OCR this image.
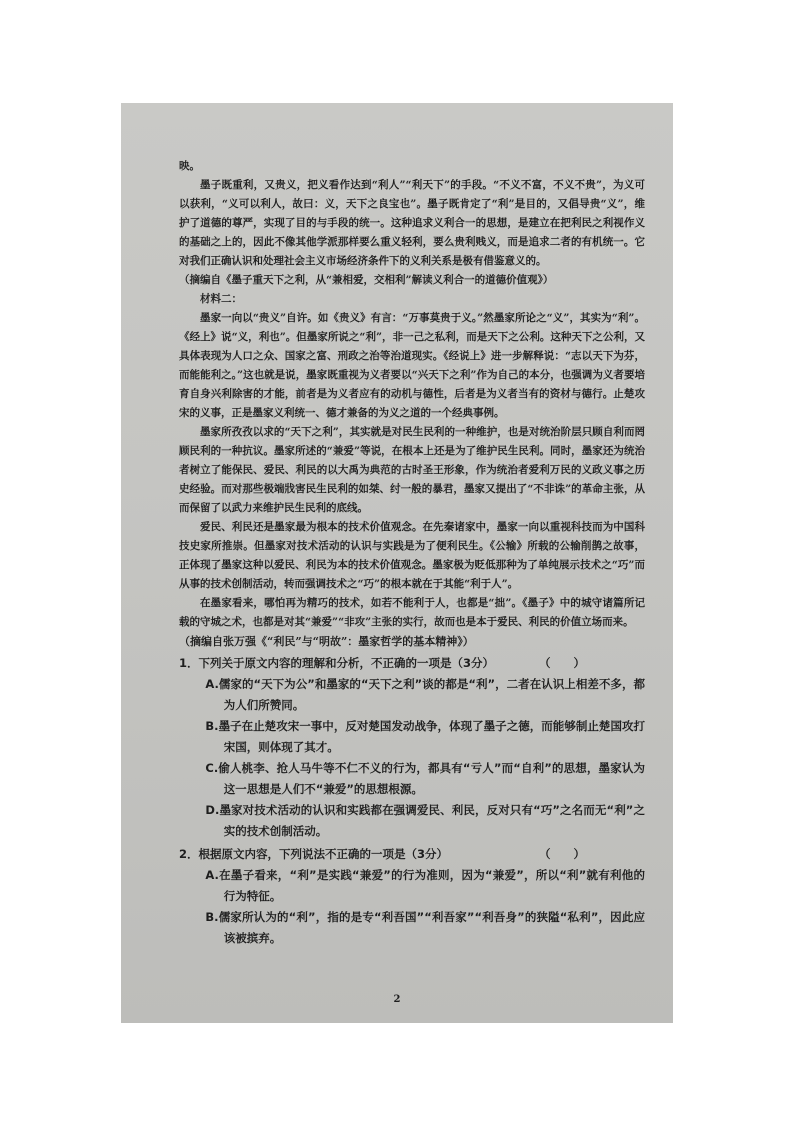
映。

墨子既重利，又贵义，把义看作达到“利人”“利天下”的手段。“不义不富，不义不贵”，为义可以获利，“义可以利人，故曰：义，天下之良宝也”。墨子既肯定了“利”是目的，又倡导贵“义”，维护了道德的尊严，实现了目的与手段的统一。这种追求义利合一的思想，是建立在把利民之利视作义的基础之上的，因此不像其他学派那样要么重义轻利，要么贵利贱义，而是追求二者的有机统一。它对我们正确认识和处理社会主义市场经济条件下的义利关系是极有借鉴意义的。

（摘编自《墨子重天下之利，从“兼相爱，交相利”解读义利合一的道德价值观》）

材料二：

墨家一向以“贵义”自许。如《贵义》有言：“万事莫贵于义。”然墨家所论之“义”，其实为“利”。《经上》说“义，利也”。但墨家所说之“利”，非一己之私利，而是天下之公利。这种天下之公利，又具体表现为人口之众、国家之富、刑政之治等治道现实。《经说上》进一步解释说：“志以天下为芬，而能能利之。”这也就是说，墨家既重视为义者要以“兴天下之利”作为自己的本分，也强调为义者要培育自身兴利除害的才能，前者是为义者应有的动机与德性，后者是为义者当有的资材与德行。止楚攻宋的义事，正是墨家义利统一、德才兼备的为义之道的一个经典事例。

墨家所孜孜以求的“天下之利”，其实就是对民生民利的一种维护，也是对统治阶层只顾自利而罔顾民利的一种抗议。墨家所述的“兼爱”等说，在根本上还是为了维护民生民利。同时，墨家还为统治者树立了能保民、爱民、利民的以大禹为典范的古时圣王形象，作为统治者爱利万民的义政义事之历史经验。而对那些极端戕害民生民利的如桀、纣一般的暴君，墨家又提出了“不非诛”的革命主张，从而保留了以武力来维护民生民利的底线。

爱民、利民还是墨家最为根本的技术价值观念。在先秦诸家中，墨家一向以重视科技而为中国科技史家所推崇。但墨家对技术活动的认识与实践是为了便利民生。《公输》所载的公输削鹊之故事，正体现了墨家这种以爱民、利民为本的技术价值观念。墨家极为贬低那种为了单纯展示技术之“巧”而从事的技术创制活动，转而强调技术之“巧”的根本就在于其能“利于人”。

在墨家看来，哪怕再为精巧的技术，如若不能利于人，也都是“拙”。《墨子》中的城守诸篇所记载的守城之术，也都是对其“兼爱”“非攻”主张的实行，故而也是本于爱民、利民的价值立场而来。

（摘编自张万强《“利民”与“明故”：墨家哲学的基本精神》）

1．下列关于原文内容的理解和分析，不正确的一项是（3分）	（　　）

A.儒家的“天下为公”和墨家的“天下之利”谈的都是“利”，二者在认识上相差不多，都为人们所赞同。

B.墨子在止楚攻宋一事中，反对楚国发动战争，体现了墨子之德，而能够制止楚国攻打宋国，则体现了其才。

C.偷人桃李、抢人马牛等不仁不义的行为，都具有“亏人”而“自利”的思想，墨家认为这一思想是人们不“兼爱”的思想根源。

D.墨家对技术活动的认识和实践都在强调爱民、利民，反对只有“巧”之名而无“利”之实的技术创制活动。

2．根据原文内容，下列说法不正确的一项是（3分）	（　　）

A.在墨子看来，“利”是实践“兼爱”的行为准则，因为“兼爱”，所以“利”就有利他的行为特征。

B.儒家所认为的“利”，指的是专“利吾国”“利吾家”“利吾身”的狭隘“私利”，因此应该被摈弃。

2
